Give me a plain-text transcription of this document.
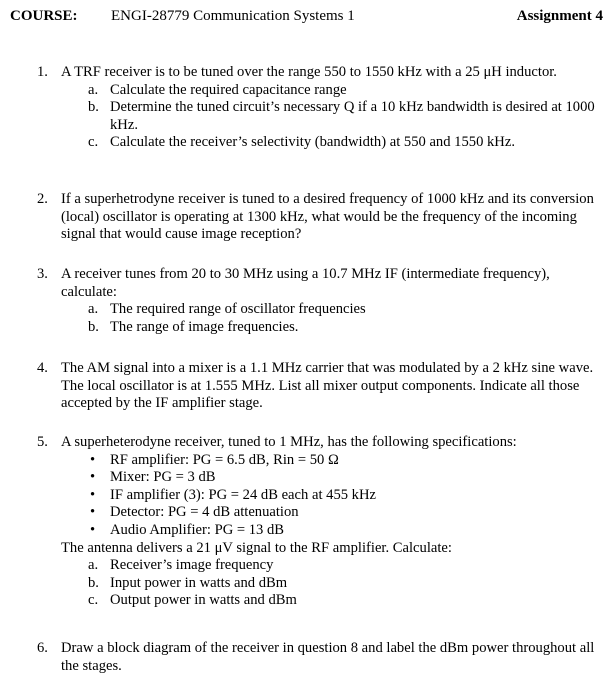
COURSE: ENGI-28779 Communication Systems 1	Assignment 4
1. A TRF receiver is to be tuned over the range 550 to 1550 kHz with a 25 μH inductor.
a. Calculate the required capacitance range
b. Determine the tuned circuit’s necessary Q if a 10 kHz bandwidth is desired at 1000 kHz.
c. Calculate the receiver’s selectivity (bandwidth) at 550 and 1550 kHz.
2. If a superhetrodyne receiver is tuned to a desired frequency of 1000 kHz and its conversion (local) oscillator is operating at 1300 kHz, what would be the frequency of the incoming signal that would cause image reception?
3. A receiver tunes from 20 to 30 MHz using a 10.7 MHz IF (intermediate frequency), calculate:
a. The required range of oscillator frequencies
b. The range of image frequencies.
4. The AM signal into a mixer is a 1.1 MHz carrier that was modulated by a 2 kHz sine wave. The local oscillator is at 1.555 MHz. List all mixer output components. Indicate all those accepted by the IF amplifier stage.
5. A superheterodyne receiver, tuned to 1 MHz, has the following specifications:
• RF amplifier: PG = 6.5 dB, Rin = 50 Ω
• Mixer: PG = 3 dB
• IF amplifier (3): PG = 24 dB each at 455 kHz
• Detector: PG = 4 dB attenuation
• Audio Amplifier: PG = 13 dB
The antenna delivers a 21 μV signal to the RF amplifier. Calculate:
a. Receiver’s image frequency
b. Input power in watts and dBm
c. Output power in watts and dBm
6. Draw a block diagram of the receiver in question 8 and label the dBm power throughout all the stages.
